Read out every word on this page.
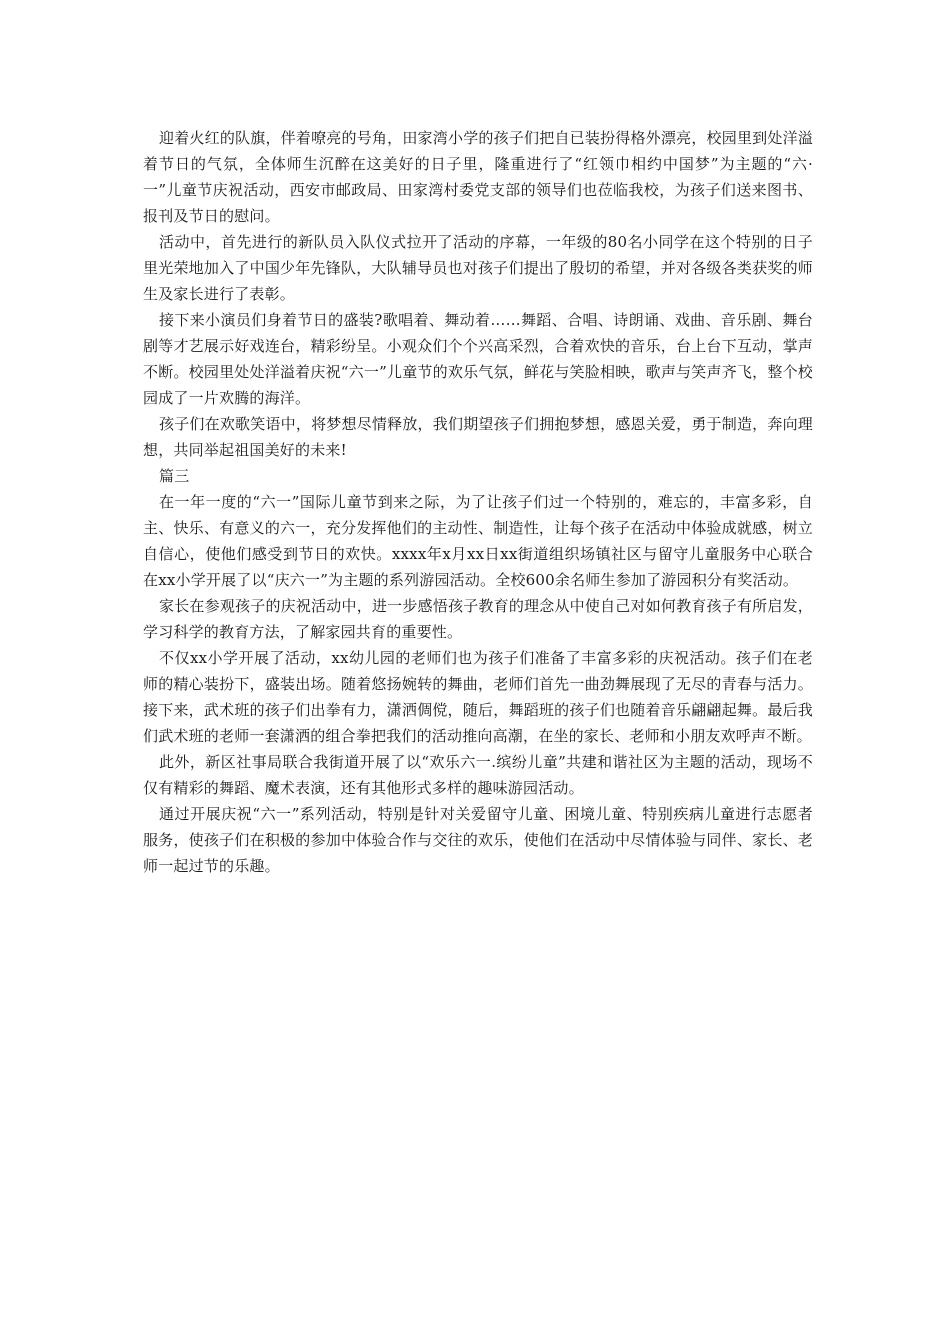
迎着火红的队旗，伴着嘹亮的号角，田家湾小学的孩子们把自已装扮得格外漂亮，校园里到处洋溢着节日的气氛，全体师生沉醉在这美好的日子里，隆重进行了“红领巾相约中国梦”为主题的“六·一”儿童节庆祝活动，西安市邮政局、田家湾村委党支部的领导们也莅临我校，为孩子们送来图书、报刊及节日的慰问。

活动中，首先进行的新队员入队仪式拉开了活动的序幕，一年级的80名小同学在这个特别的日子里光荣地加入了中国少年先锋队，大队辅导员也对孩子们提出了殷切的希望，并对各级各类获奖的师生及家长进行了表彰。

接下来小演员们身着节日的盛装?歌唱着、舞动着……舞蹈、合唱、诗朗诵、戏曲、音乐剧、舞台剧等才艺展示好戏连台，精彩纷呈。小观众们个个兴高采烈，合着欢快的音乐，台上台下互动，掌声不断。校园里处处洋溢着庆祝“六一”儿童节的欢乐气氛，鲜花与笑脸相映，歌声与笑声齐飞，整个校园成了一片欢腾的海洋。

孩子们在欢歌笑语中，将梦想尽情释放，我们期望孩子们拥抱梦想，感恩关爱，勇于制造，奔向理想，共同举起祖国美好的未来!

篇三

在一年一度的“六一”国际儿童节到来之际，为了让孩子们过一个特别的，难忘的，丰富多彩，自主、快乐、有意义的六一，充分发挥他们的主动性、制造性，让每个孩子在活动中体验成就感，树立自信心，使他们感受到节日的欢快。xxxx年x月xx日xx街道组织场镇社区与留守儿童服务中心联合在xx小学开展了以“庆六一”为主题的系列游园活动。全校600余名师生参加了游园积分有奖活动。

家长在参观孩子的庆祝活动中，进一步感悟孩子教育的理念从中使自己对如何教育孩子有所启发，学习科学的教育方法，了解家园共育的重要性。

不仅xx小学开展了活动，xx幼儿园的老师们也为孩子们准备了丰富多彩的庆祝活动。孩子们在老师的精心装扮下，盛装出场。随着悠扬婉转的舞曲，老师们首先一曲劲舞展现了无尽的青春与活力。接下来，武术班的孩子们出拳有力，潇洒倜傥，随后，舞蹈班的孩子们也随着音乐翩翩起舞。最后我们武术班的老师一套潇洒的组合拳把我们的活动推向高潮，在坐的家长、老师和小朋友欢呼声不断。

此外，新区社事局联合我街道开展了以“欢乐六一.缤纷儿童”共建和谐社区为主题的活动，现场不仅有精彩的舞蹈、魔术表演，还有其他形式多样的趣味游园活动。

通过开展庆祝“六一”系列活动，特别是针对关爱留守儿童、困境儿童、特别疾病儿童进行志愿者服务，使孩子们在积极的参加中体验合作与交往的欢乐，使他们在活动中尽情体验与同伴、家长、老师一起过节的乐趣。
